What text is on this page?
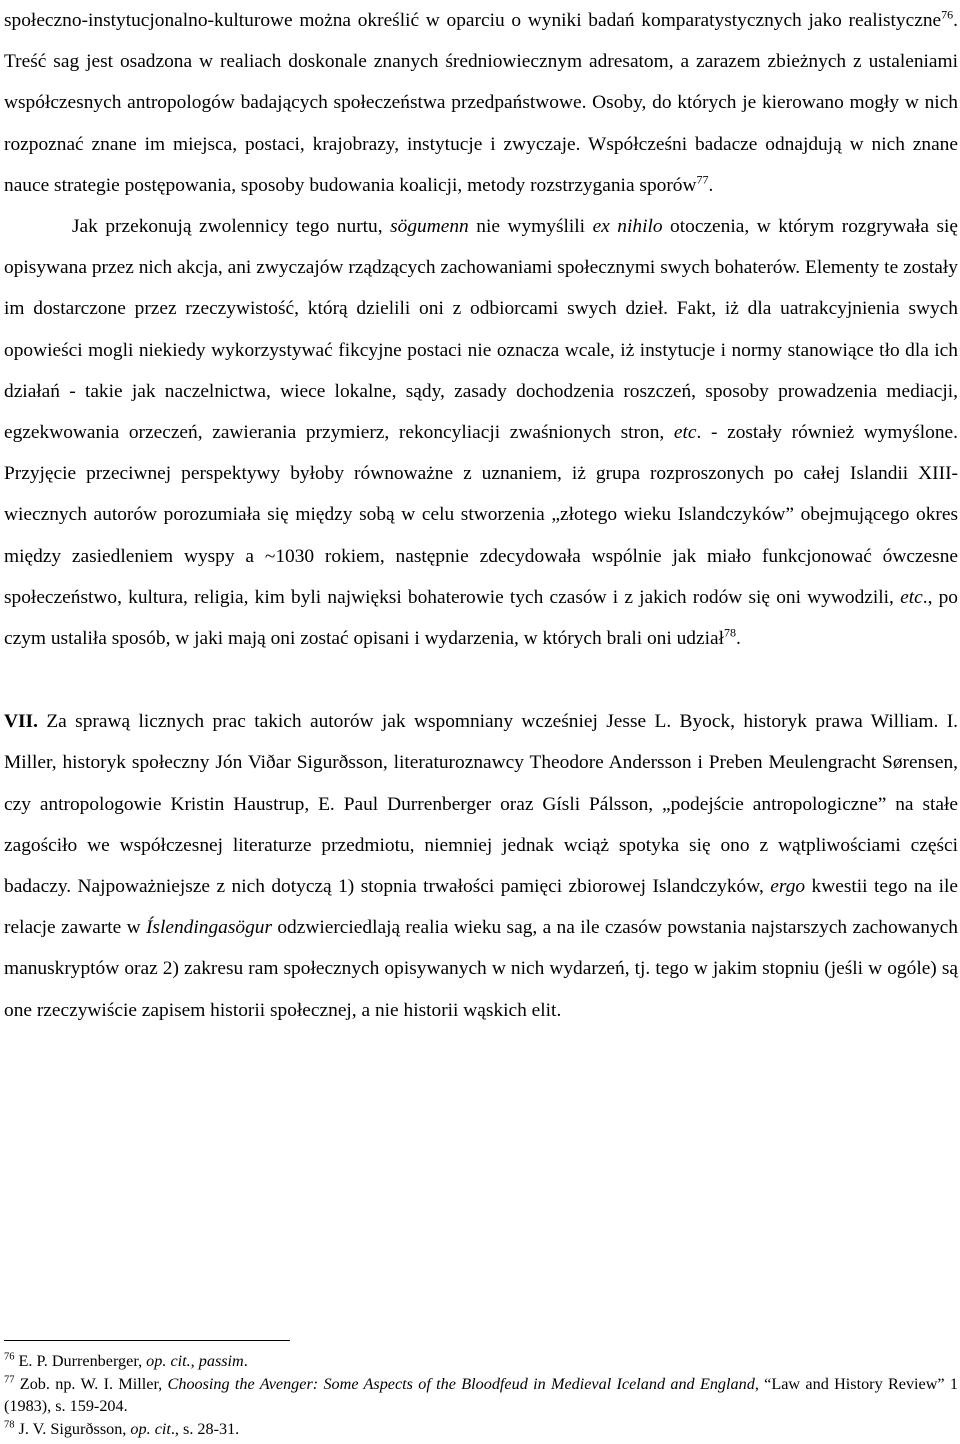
społeczno-instytucjonalno-kulturowe można określić w oparciu o wyniki badań komparatystycznych jako realistyczne$^{76}$. Treść sag jest osadzona w realiach doskonale znanych średniowiecznym adresatom, a zarazem zbieżnych z ustaleniami współczesnych antropologów badających społeczeństwa przedpaństwowe. Osoby, do których je kierowano mogły w nich rozpoznać znane im miejsca, postaci, krajobrazy, instytucje i zwyczaje. Współcześni badacze odnajdują w nich znane nauce strategie postępowania, sposoby budowania koalicji, metody rozstrzygania sporów$^{77}$.

Jak przekonują zwolennicy tego nurtu, sögumenn nie wymyślili ex nihilo otoczenia, w którym rozgrywała się opisywana przez nich akcja, ani zwyczajów rządzących zachowaniami społecznymi swych bohaterów. Elementy te zostały im dostarczone przez rzeczywistość, którą dzielili oni z odbiorcami swych dzieł. Fakt, iż dla uatrakcyjnienia swych opowieści mogli niekiedy wykorzystywać fikcyjne postaci nie oznacza wcale, iż instytucje i normy stanowiące tło dla ich działań - takie jak naczelnictwa, wiece lokalne, sądy, zasady dochodzenia roszczeń, sposoby prowadzenia mediacji, egzekwowania orzeczeń, zawierania przymierz, rekoncyliacji zwaśnionych stron, etc. - zostały również wymyślone. Przyjęcie przeciwnej perspektywy byłoby równoważne z uznaniem, iż grupa rozproszonych po całej Islandii XIII-wiecznych autorów porozumiała się między sobą w celu stworzenia „złotego wieku Islandczyków” obejmującego okres między zasiedleniem wyspy a ~1030 rokiem, następnie zdecydowała wspólnie jak miało funkcjonować ówczesne społeczeństwo, kultura, religia, kim byli najwięksi bohaterowie tych czasów i z jakich rodów się oni wywodzili, etc., po czym ustaliła sposób, w jaki mają oni zostać opisani i wydarzenia, w których brali oni udział$^{78}$.

VII. Za sprawą licznych prac takich autorów jak wspomniany wcześniej Jesse L. Byock, historyk prawa William. I. Miller, historyk społeczny Jón Viðar Sigurðsson, literaturoznawcy Theodore Andersson i Preben Meulengracht Sørensen, czy antropologowie Kristin Haustrup, E. Paul Durrenberger oraz Gísli Pálsson, „podejście antropologiczne” na stałe zagościło we współczesnej literaturze przedmiotu, niemniej jednak wciąż spotyka się ono z wątpliwościami części badaczy. Najpoważniejsze z nich dotyczą 1) stopnia trwałości pamięci zbiorowej Islandczyków, ergo kwestii tego na ile relacje zawarte w Íslendingasögur odzwierciedlają realia wieku sag, a na ile czasów powstania najstarszych zachowanych manuskryptów oraz 2) zakresu ram społecznych opisywanych w nich wydarzeń, tj. tego w jakim stopniu (jeśli w ogóle) są one rzeczywiście zapisem historii społecznej, a nie historii wąskich elit.

$^{76}$ E. P. Durrenberger, op. cit., passim.

$^{77}$ Zob. np. W. I. Miller, Choosing the Avenger: Some Aspects of the Bloodfeud in Medieval Iceland and England, “Law and History Review” 1 (1983), s. 159-204.

$^{78}$ J. V. Sigurðsson, op. cit., s. 28-31.
